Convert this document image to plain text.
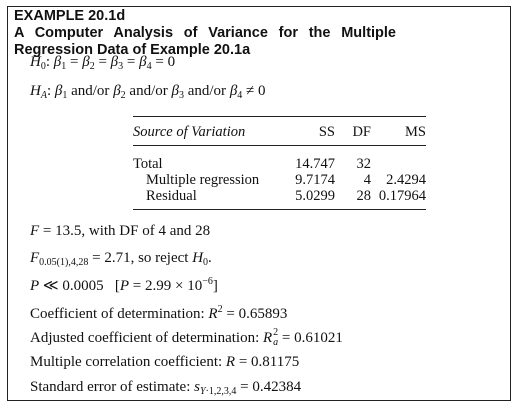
EXAMPLE 20.1dA Computer Analysis of Variance for the Multiple
Regression Data of Example 20.1a
$H_0$: $\beta_1 = \beta_2 = \beta_3 = \beta_4 = 0$
$H_A$: $\beta_1$ and/or $\beta_2$ and/or $\beta_3$ and/or $\beta_4 \ne 0$
Source of Variation	SS	DF	MS

Total	14.747	32	
Multiple regression	9.7174	4	2.4294
Residual	5.0299	28	0.17964
F = 13.5, with DF of 4 and 28
$F_{0.05(1),4,28} = 2.71$, so reject $H_0$.
P ≪ 0.0005   $[P = 2.99 \times 10^{-6}]$
Coefficient of determination: $R^2 = 0.65893$
Adjusted coefficient of determination: R 2
a = 0.61021
Multiple correlation coefficient: R = 0.81175
Standard error of estimate: $s_{Y\cdot 1,2,3,4} = 0.42384$
